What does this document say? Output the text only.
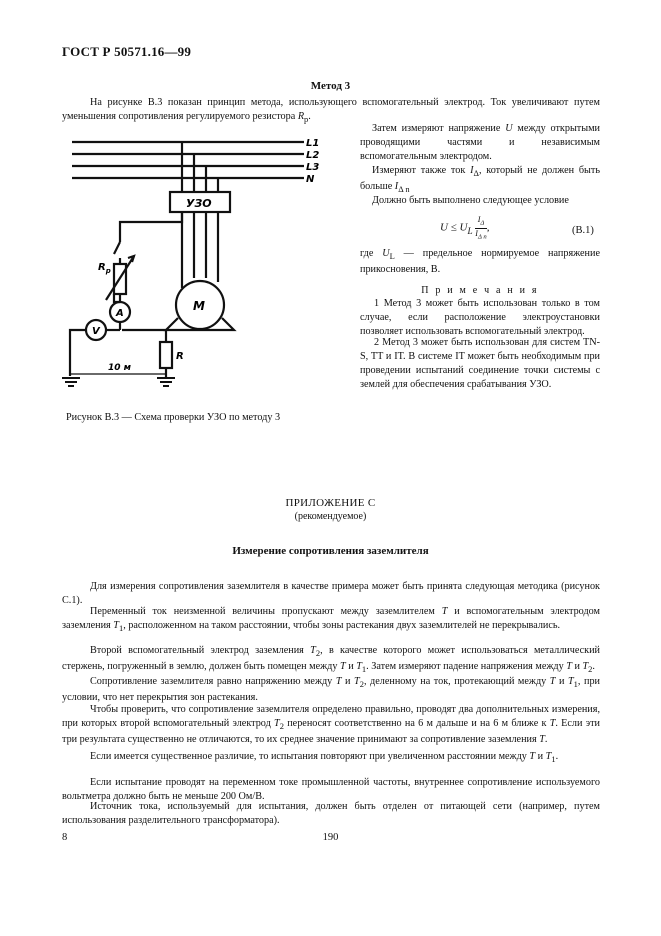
ГОСТ Р 50571.16—99
Метод 3
На рисунке В.3 показан принцип метода, использующего вспомогательный электрод. Ток увеличивают путем уменьшения сопротивления регулируемого резистора $R_р$.
L1
L2
L3
N
УЗО
M
R
$R_p$
A
V
10 м
Затем измеряют напряжение U между открытыми проводящими частями и независимым вспомогательным электродом.
Измеряют также ток $I_\Delta$, который не должен быть больше $I_{\Delta n}$
Должно быть выполнено следующее условие
$U \le U_L \frac{I_\Delta}{I_{\Delta n}}$ ,	(В.1)
где $U_L$ — предельное нормируемое напряжение прикосновения, В.
П р и м е ч а н и я
1 Метод 3 может быть использован только в том случае, если расположение электроустановки позволяет использовать вспомогательный электрод.
2 Метод 3 может быть использован для систем TN-S, TT и IT. В системе IT может быть необходимым при проведении испытаний соединение точки системы с землей для обеспечения срабатывания УЗО.
Рисунок В.3 — Схема проверки УЗО по методу 3
ПРИЛОЖЕНИЕ С
(рекомендуемое)
Измерение сопротивления заземлителя
Для измерения сопротивления заземлителя в качестве примера может быть принята следующая методика (рисунок С.1).
Переменный ток неизменной величины пропускают между заземлителем T и вспомогательным электродом заземления $T_1$, расположенном на таком расстоянии, чтобы зоны растекания двух заземлителей не перекрывались.
Второй вспомогательный электрод заземления $T_2$, в качестве которого может использоваться металлический стержень, погруженный в землю, должен быть помещен между T и $T_1$. Затем измеряют падение напряжения между T и $T_2$.
Сопротивление заземлителя равно напряжению между T и $T_2$, деленному на ток, протекающий между T и $T_1$, при условии, что нет перекрытия зон растекания.
Чтобы проверить, что сопротивление заземлителя определено правильно, проводят два дополнительных измерения, при которых второй вспомогательный электрод $T_2$ переносят соответственно на 6 м дальше и на 6 м ближе к T. Если эти три результата существенно не отличаются, то их среднее значение принимают за сопротивление заземления T.
Если имеется существенное различие, то испытания повторяют при увеличенном расстоянии между T и $T_1$.
Если испытание проводят на переменном токе промышленной частоты, внутреннее сопротивление используемого вольтметра должно быть не меньше 200 Ом/В.
Источник тока, используемый для испытания, должен быть отделен от питающей сети (например, путем использования разделительного трансформатора).
8	190
